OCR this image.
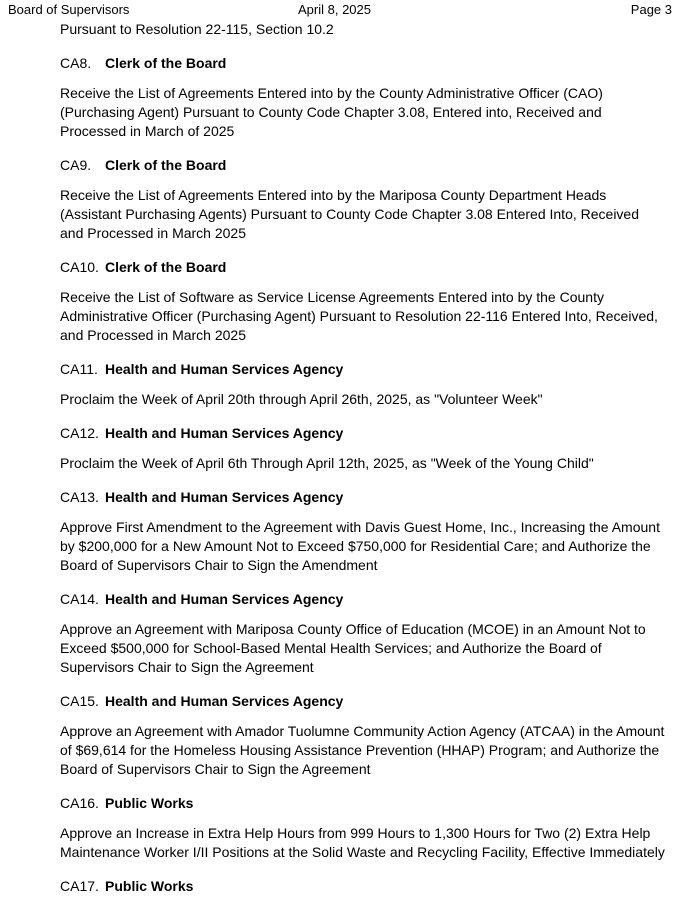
Board of Supervisors	April 8, 2025	Page 3

Pursuant to Resolution 22-115, Section 10.2

CA8. Clerk of the Board

Receive the List of Agreements Entered into by the County Administrative Officer (CAO) (Purchasing Agent) Pursuant to County Code Chapter 3.08, Entered into, Received and Processed in March of 2025

CA9. Clerk of the Board

Receive the List of Agreements Entered into by the Mariposa County Department Heads (Assistant Purchasing Agents) Pursuant to County Code Chapter 3.08 Entered Into, Received and Processed in March 2025

CA10. Clerk of the Board

Receive the List of Software as Service License Agreements Entered into by the County Administrative Officer (Purchasing Agent) Pursuant to Resolution 22-116 Entered Into, Received, and Processed in March 2025

CA11. Health and Human Services Agency

Proclaim the Week of April 20th through April 26th, 2025, as "Volunteer Week"

CA12. Health and Human Services Agency

Proclaim the Week of April 6th Through April 12th, 2025, as "Week of the Young Child"

CA13. Health and Human Services Agency

Approve First Amendment to the Agreement with Davis Guest Home, Inc., Increasing the Amount by $200,000 for a New Amount Not to Exceed $750,000 for Residential Care; and Authorize the Board of Supervisors Chair to Sign the Amendment

CA14. Health and Human Services Agency

Approve an Agreement with Mariposa County Office of Education (MCOE) in an Amount Not to Exceed $500,000 for School-Based Mental Health Services; and Authorize the Board of Supervisors Chair to Sign the Agreement

CA15. Health and Human Services Agency

Approve an Agreement with Amador Tuolumne Community Action Agency (ATCAA) in the Amount of $69,614 for the Homeless Housing Assistance Prevention (HHAP) Program; and Authorize the Board of Supervisors Chair to Sign the Agreement

CA16. Public Works

Approve an Increase in Extra Help Hours from 999 Hours to 1,300 Hours for Two (2) Extra Help Maintenance Worker I/II Positions at the Solid Waste and Recycling Facility, Effective Immediately

CA17. Public Works
